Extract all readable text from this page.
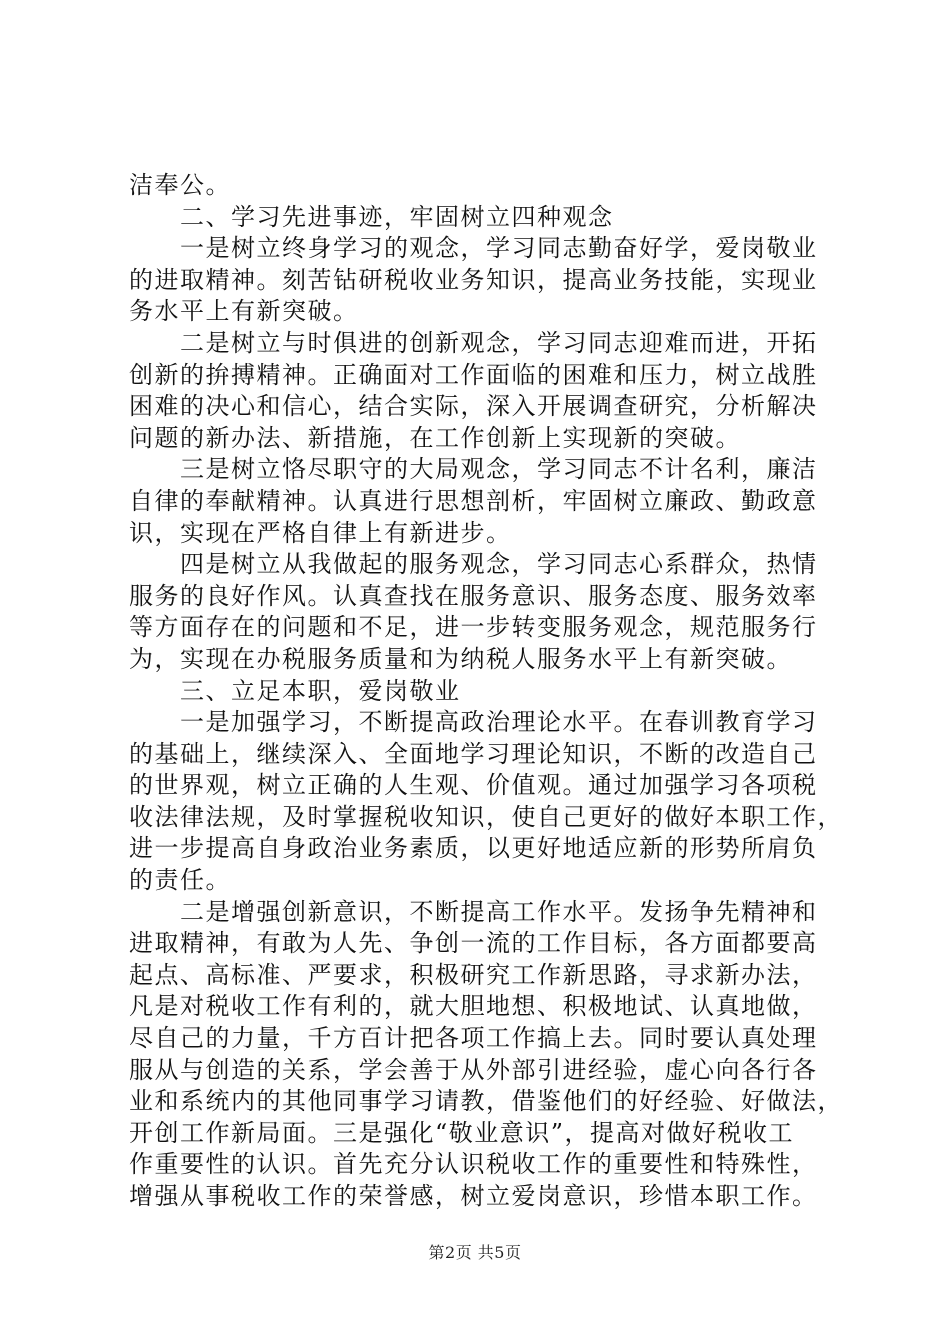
洁奉公。
　　二、学习先进事迹，牢固树立四种观念
　　一是树立终身学习的观念，学习同志勤奋好学，爱岗敬业
的进取精神。刻苦钻研税收业务知识，提高业务技能，实现业
务水平上有新突破。
　　二是树立与时俱进的创新观念，学习同志迎难而进，开拓
创新的拚搏精神。正确面对工作面临的困难和压力，树立战胜
困难的决心和信心，结合实际，深入开展调查研究，分析解决
问题的新办法、新措施，在工作创新上实现新的突破。
　　三是树立恪尽职守的大局观念，学习同志不计名利，廉洁
自律的奉献精神。认真进行思想剖析，牢固树立廉政、勤政意
识，实现在严格自律上有新进步。
　　四是树立从我做起的服务观念，学习同志心系群众，热情
服务的良好作风。认真查找在服务意识、服务态度、服务效率
等方面存在的问题和不足，进一步转变服务观念，规范服务行
为，实现在办税服务质量和为纳税人服务水平上有新突破。
　　三、立足本职，爱岗敬业
　　一是加强学习，不断提高政治理论水平。在春训教育学习
的基础上，继续深入、全面地学习理论知识，不断的改造自己
的世界观，树立正确的人生观、价值观。通过加强学习各项税
收法律法规，及时掌握税收知识，使自己更好的做好本职工作，
进一步提高自身政治业务素质，以更好地适应新的形势所肩负
的责任。
　　二是增强创新意识，不断提高工作水平。发扬争先精神和
进取精神，有敢为人先、争创一流的工作目标，各方面都要高
起点、高标准、严要求，积极研究工作新思路，寻求新办法，
凡是对税收工作有利的，就大胆地想、积极地试、认真地做，
尽自己的力量，千方百计把各项工作搞上去。同时要认真处理
服从与创造的关系，学会善于从外部引进经验，虚心向各行各
业和系统内的其他同事学习请教，借鉴他们的好经验、好做法，
开创工作新局面。三是强化“敬业意识”，提高对做好税收工
作重要性的认识。首先充分认识税收工作的重要性和特殊性，
增强从事税收工作的荣誉感，树立爱岗意识，珍惜本职工作。
第2页 共5页
